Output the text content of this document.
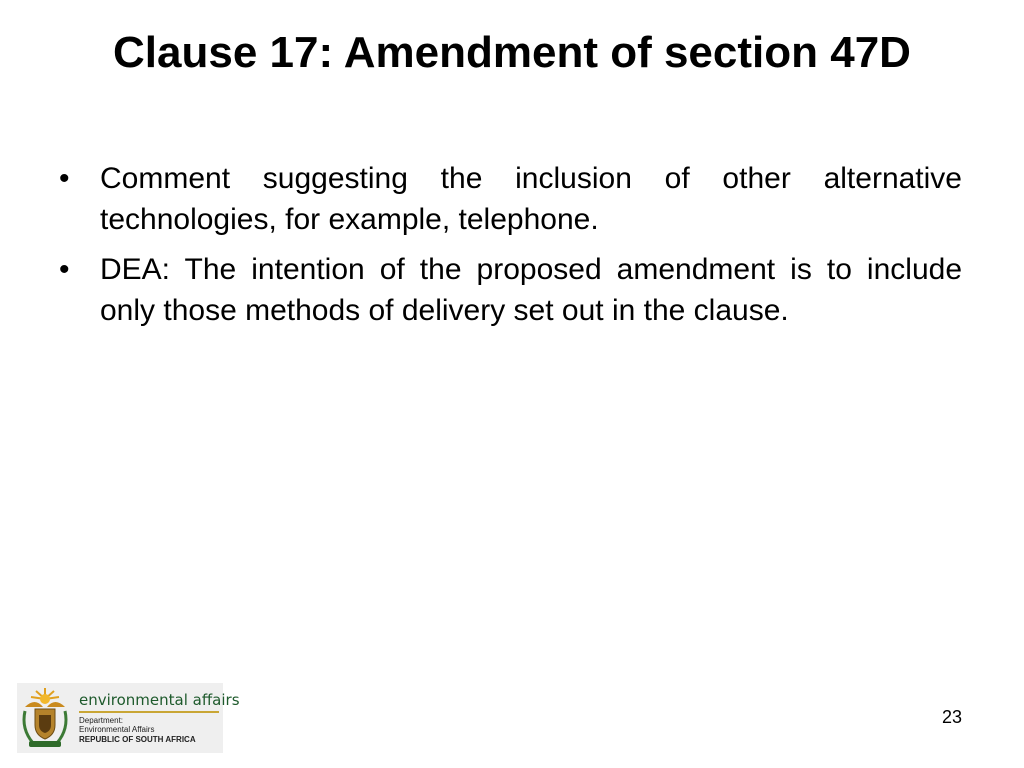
Clause 17: Amendment of section 47D
• Comment suggesting the inclusion of other alternative technologies, for example, telephone.
• DEA: The intention of the proposed amendment is to include only those methods of delivery set out in the clause.
environmental affairs
Department:
Environmental Affairs
REPUBLIC OF SOUTH AFRICA
23
